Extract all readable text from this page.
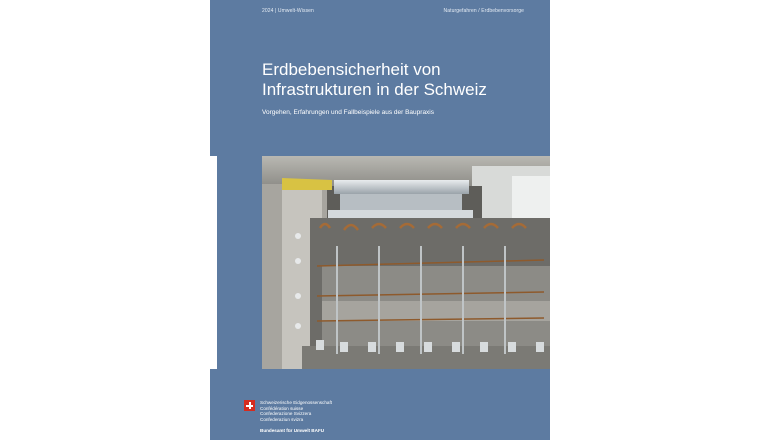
2024 | Umwelt-Wissen	Naturgefahren / Erdbebenvorsorge
Erdbebensicherheit von
Infrastrukturen in der Schweiz

Vorgehen, Erfahrungen und Fallbeispiele aus der Baupraxis

Schweizerische Eidgenossenschaft
Confédération suisse
Confederazione Svizzera
Confederaziun svizra
Bundesamt für Umwelt BAFU
